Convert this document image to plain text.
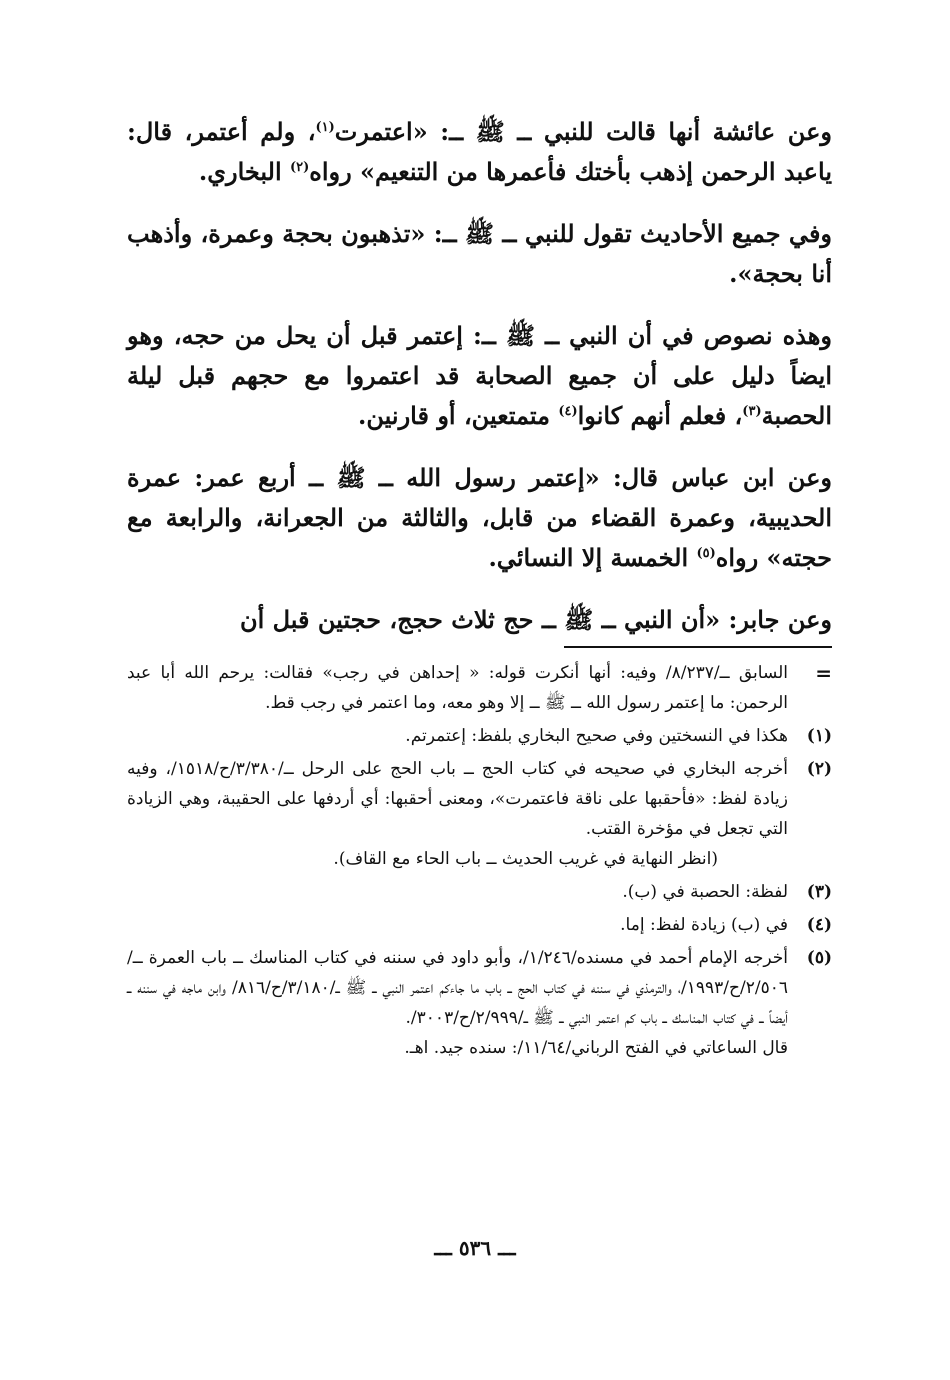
وعن عائشة أنها قالت للنبي ــ ﷺ ــ: «اعتمرت$^{(١)}$، ولم أعتمر، قال: ياعبد الرحمن إذهب بأختك فأعمرها من التنعيم» رواه$^{(٢)}$ البخاري.

وفي جميع الأحاديث تقول للنبي ــ ﷺ ــ: «تذهبون بحجة وعمرة، وأذهب أنا بحجة».

وهذه نصوص في أن النبي ــ ﷺ ــ: إعتمر قبل أن يحل من حجه، وهو ايضاً دليل على أن جميع الصحابة قد اعتمروا مع حجهم قبل ليلة الحصبة$^{(٣)}$، فعلم أنهم كانوا$^{(٤)}$ متمتعين، أو قارنين.

وعن ابن عباس قال: «إعتمر رسول الله ــ ﷺ ــ أربع عمر: عمرة الحديبية، وعمرة القضاء من قابل، والثالثة من الجعرانة، والرابعة مع حجته» رواه$^{(٥)}$ الخمسة إلا النسائي.

وعن جابر: «أن النبي ــ ﷺ ــ حج ثلاث حجج، حجتين قبل أن

=
السابق ــ/٨/٢٣٧/ وفيه: أنها أنكرت قوله: « إحداهن في رجب» فقالت: يرحم الله أبا عبد الرحمن: ما إعتمر رسول الله ــ ﷺ ــ إلا وهو معه، وما اعتمر في رجب قط.
(١)
هكذا في النسختين وفي صحيح البخاري بلفظ: إعتمرتم.
(٢)
أخرجه البخاري في صحيحه في كتاب الحج ــ باب الحج على الرحل ــ/٣/٣٨٠/ح/١٥١٨/، وفيه زيادة لفظ: «فأحقبها على ناقة فاعتمرت»، ومعنى أحقبها: أي أردفها على الحقيبة، وهي الزيادة التي تجعل في مؤخرة القتب.
(انظر النهاية في غريب الحديث ــ باب الحاء مع القاف).
(٣)
لفظة: الحصبة في (ب).
(٤)
في (ب) زيادة لفظ: إما.
(٥)
أخرجه الإمام أحمد في مسنده/١/٢٤٦/، وأبو داود في سننه في كتاب المناسك ــ باب العمرة ــ/٢/٥٠٦/ح/١٩٩٣/، والترمذي في سننه في كتاب الحج ــ باب ما جاءكم اعتمر النبي ــ ﷺ ــ/٣/١٨٠/ح/٨١٦/ وابن ماجه في سننه ــ أيضاً ــ في كتاب المناسك ــ باب كم اعتمر النبي ــ ﷺ ــ/٢/٩٩٩/ح/٣٠٠٣/.
قال الساعاتي في الفتح الرباني/١١/٦٤/: سنده جيد. اهـ.
ـــ ٥٣٦ ـــ
